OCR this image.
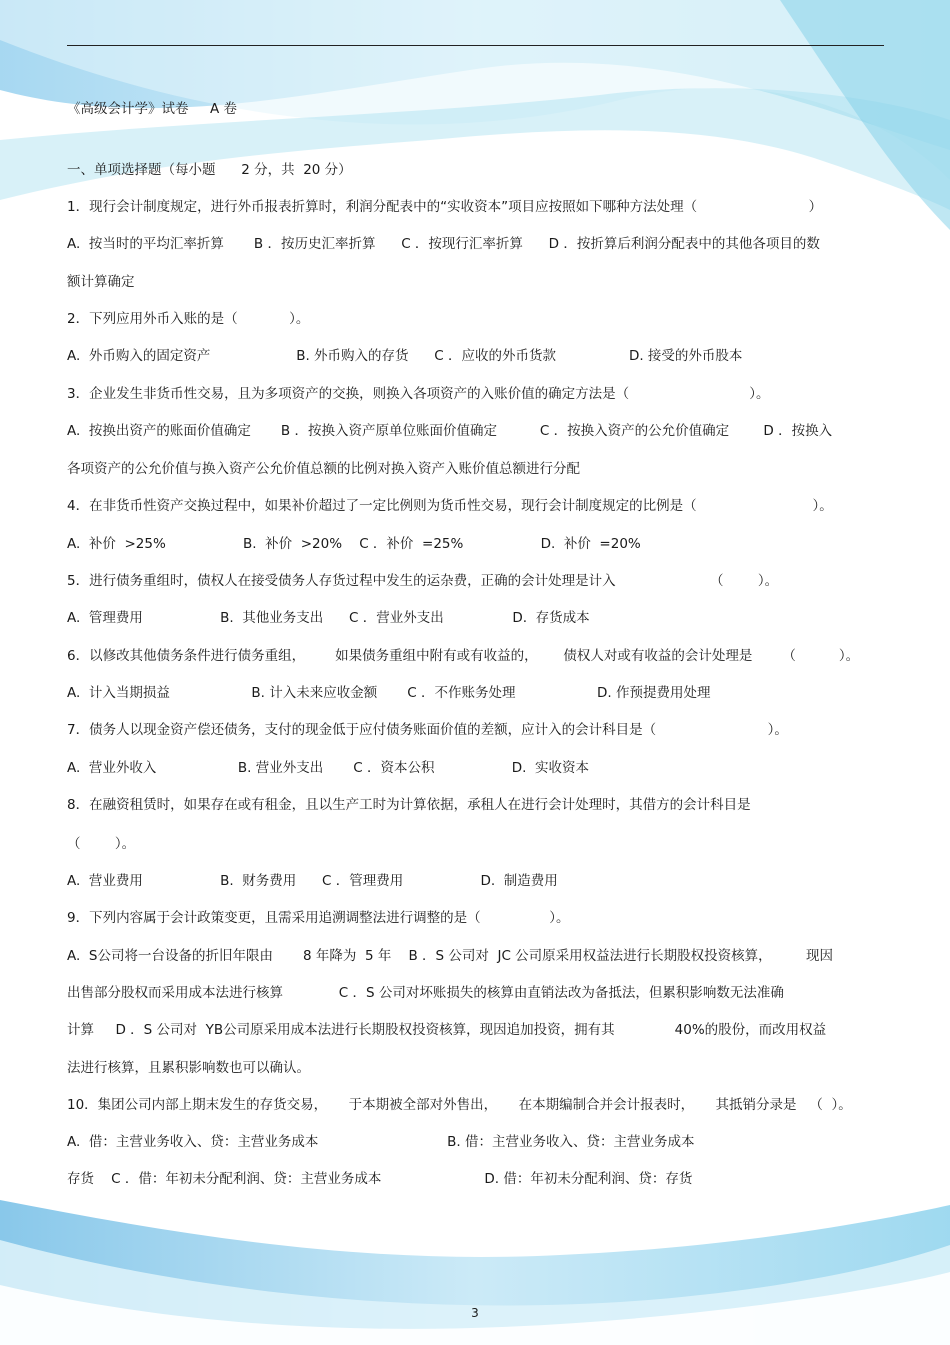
《高级会计学》试卷     A 卷
一、单项选择题（每小题      2 分，共  20 分）
1．现行会计制度规定，进行外币报表折算时，利润分配表中的“实收资本”项目应按照如下哪种方法处理（                          ）
A.  按当时的平均汇率折算       B ．按历史汇率折算      C ．按现行汇率折算      D ．按折算后利润分配表中的其他各项目的数
额计算确定
2．下列应用外币入账的是（            ）。
A.  外币购入的固定资产                    B. 外币购入的存货      C ．应收的外币货款                 D. 接受的外币股本
3．企业发生非货币性交易，且为多项资产的交换，则换入各项资产的入账价值的确定方法是（                            ）。
A.  按换出资产的账面价值确定       B ．按换入资产原单位账面价值确定          C ．按换入资产的公允价值确定        D ．按换入
各项资产的公允价值与换入资产公允价值总额的比例对换入资产入账价值总额进行分配
4．在非货币性资产交换过程中，如果补价超过了一定比例则为货币性交易，现行会计制度规定的比例是（                           ）。
A.  补价  >25%                  B.  补价  >20%    C ．补价  =25%                  D.  补价  =20%
5．进行债务重组时，债权人在接受债务人存货过程中发生的运杂费，正确的会计处理是计入                      （        ）。
A.  管理费用                  B.  其他业务支出      C ．营业外支出                D.  存货成本
6．以修改其他债务条件进行债务重组，       如果债务重组中附有或有收益的，      债权人对或有收益的会计处理是       （          ）。
A.  计入当期损益                   B. 计入未来应收金额       C ．不作账务处理                   D. 作预提费用处理
7．债务人以现金资产偿还债务，支付的现金低于应付债务账面价值的差额，应计入的会计科目是（                          ）。
A.  营业外收入                   B. 营业外支出       C ．资本公积                  D.  实收资本
8．在融资租赁时，如果存在或有租金，且以生产工时为计算依据，承租人在进行会计处理时，其借方的会计科目是
（        ）。
A.  营业费用                  B.  财务费用      C ．管理费用                  D.  制造费用
9．下列内容属于会计政策变更，且需采用追溯调整法进行调整的是（                ）。
A.  S公司将一台设备的折旧年限由       8 年降为  5 年    B ．S 公司对  JC 公司原采用权益法进行长期股权投资核算，        现因
出售部分股权而采用成本法进行核算             C ．S 公司对坏账损失的核算由直销法改为备抵法，但累积影响数无法准确
计算     D ．S 公司对  YB公司原采用成本法进行长期股权投资核算，现因追加投资，拥有其              40%的股份，而改用权益
法进行核算，且累积影响数也可以确认。
10．集团公司内部上期末发生的存货交易，     于本期被全部对外售出，     在本期编制合并会计报表时，     其抵销分录是   （  ）。
A.  借：主营业务收入、贷：主营业务成本                              B. 借：主营业务收入、贷：主营业务成本
存货    C ．借：年初未分配利润、贷：主营业务成本                        D. 借：年初未分配利润、贷：存货
3
